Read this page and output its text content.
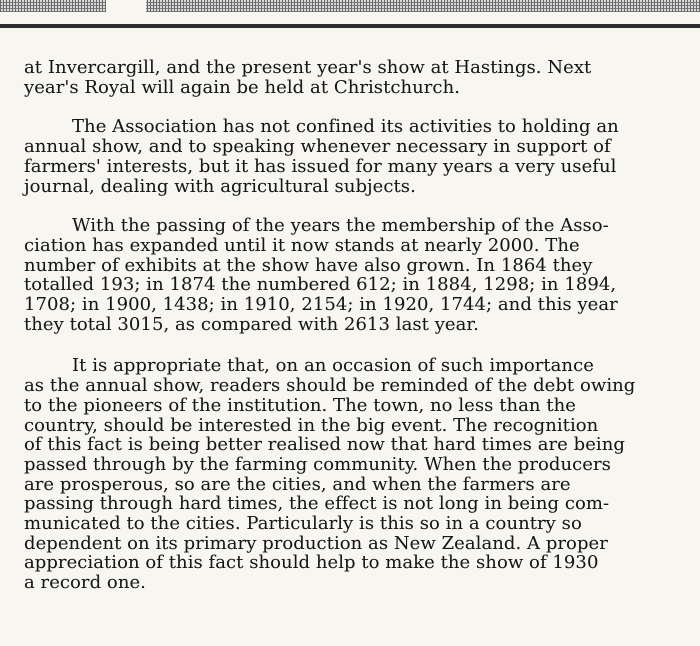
at Invercargill, and the present year's show at Hastings. Next
year's Royal will again be held at Christchurch.
The Association has not confined its activities to holding an
annual show, and to speaking whenever necessary in support of
farmers' interests, but it has issued for many years a very useful
journal, dealing with agricultural subjects.
With the passing of the years the membership of the Asso-
ciation has expanded until it now stands at nearly 2000. The
number of exhibits at the show have also grown. In 1864 they
totalled 193; in 1874 the numbered 612; in 1884, 1298; in 1894,
1708; in 1900, 1438; in 1910, 2154; in 1920, 1744; and this year
they total 3015, as compared with 2613 last year.
It is appropriate that, on an occasion of such importance
as the annual show, readers should be reminded of the debt owing
to the pioneers of the institution. The town, no less than the
country, should be interested in the big event. The recognition
of this fact is being better realised now that hard times are being
passed through by the farming community. When the producers
are prosperous, so are the cities, and when the farmers are
passing through hard times, the effect is not long in being com-
municated to the cities. Particularly is this so in a country so
dependent on its primary production as New Zealand. A proper
appreciation of this fact should help to make the show of 1930
a record one.
